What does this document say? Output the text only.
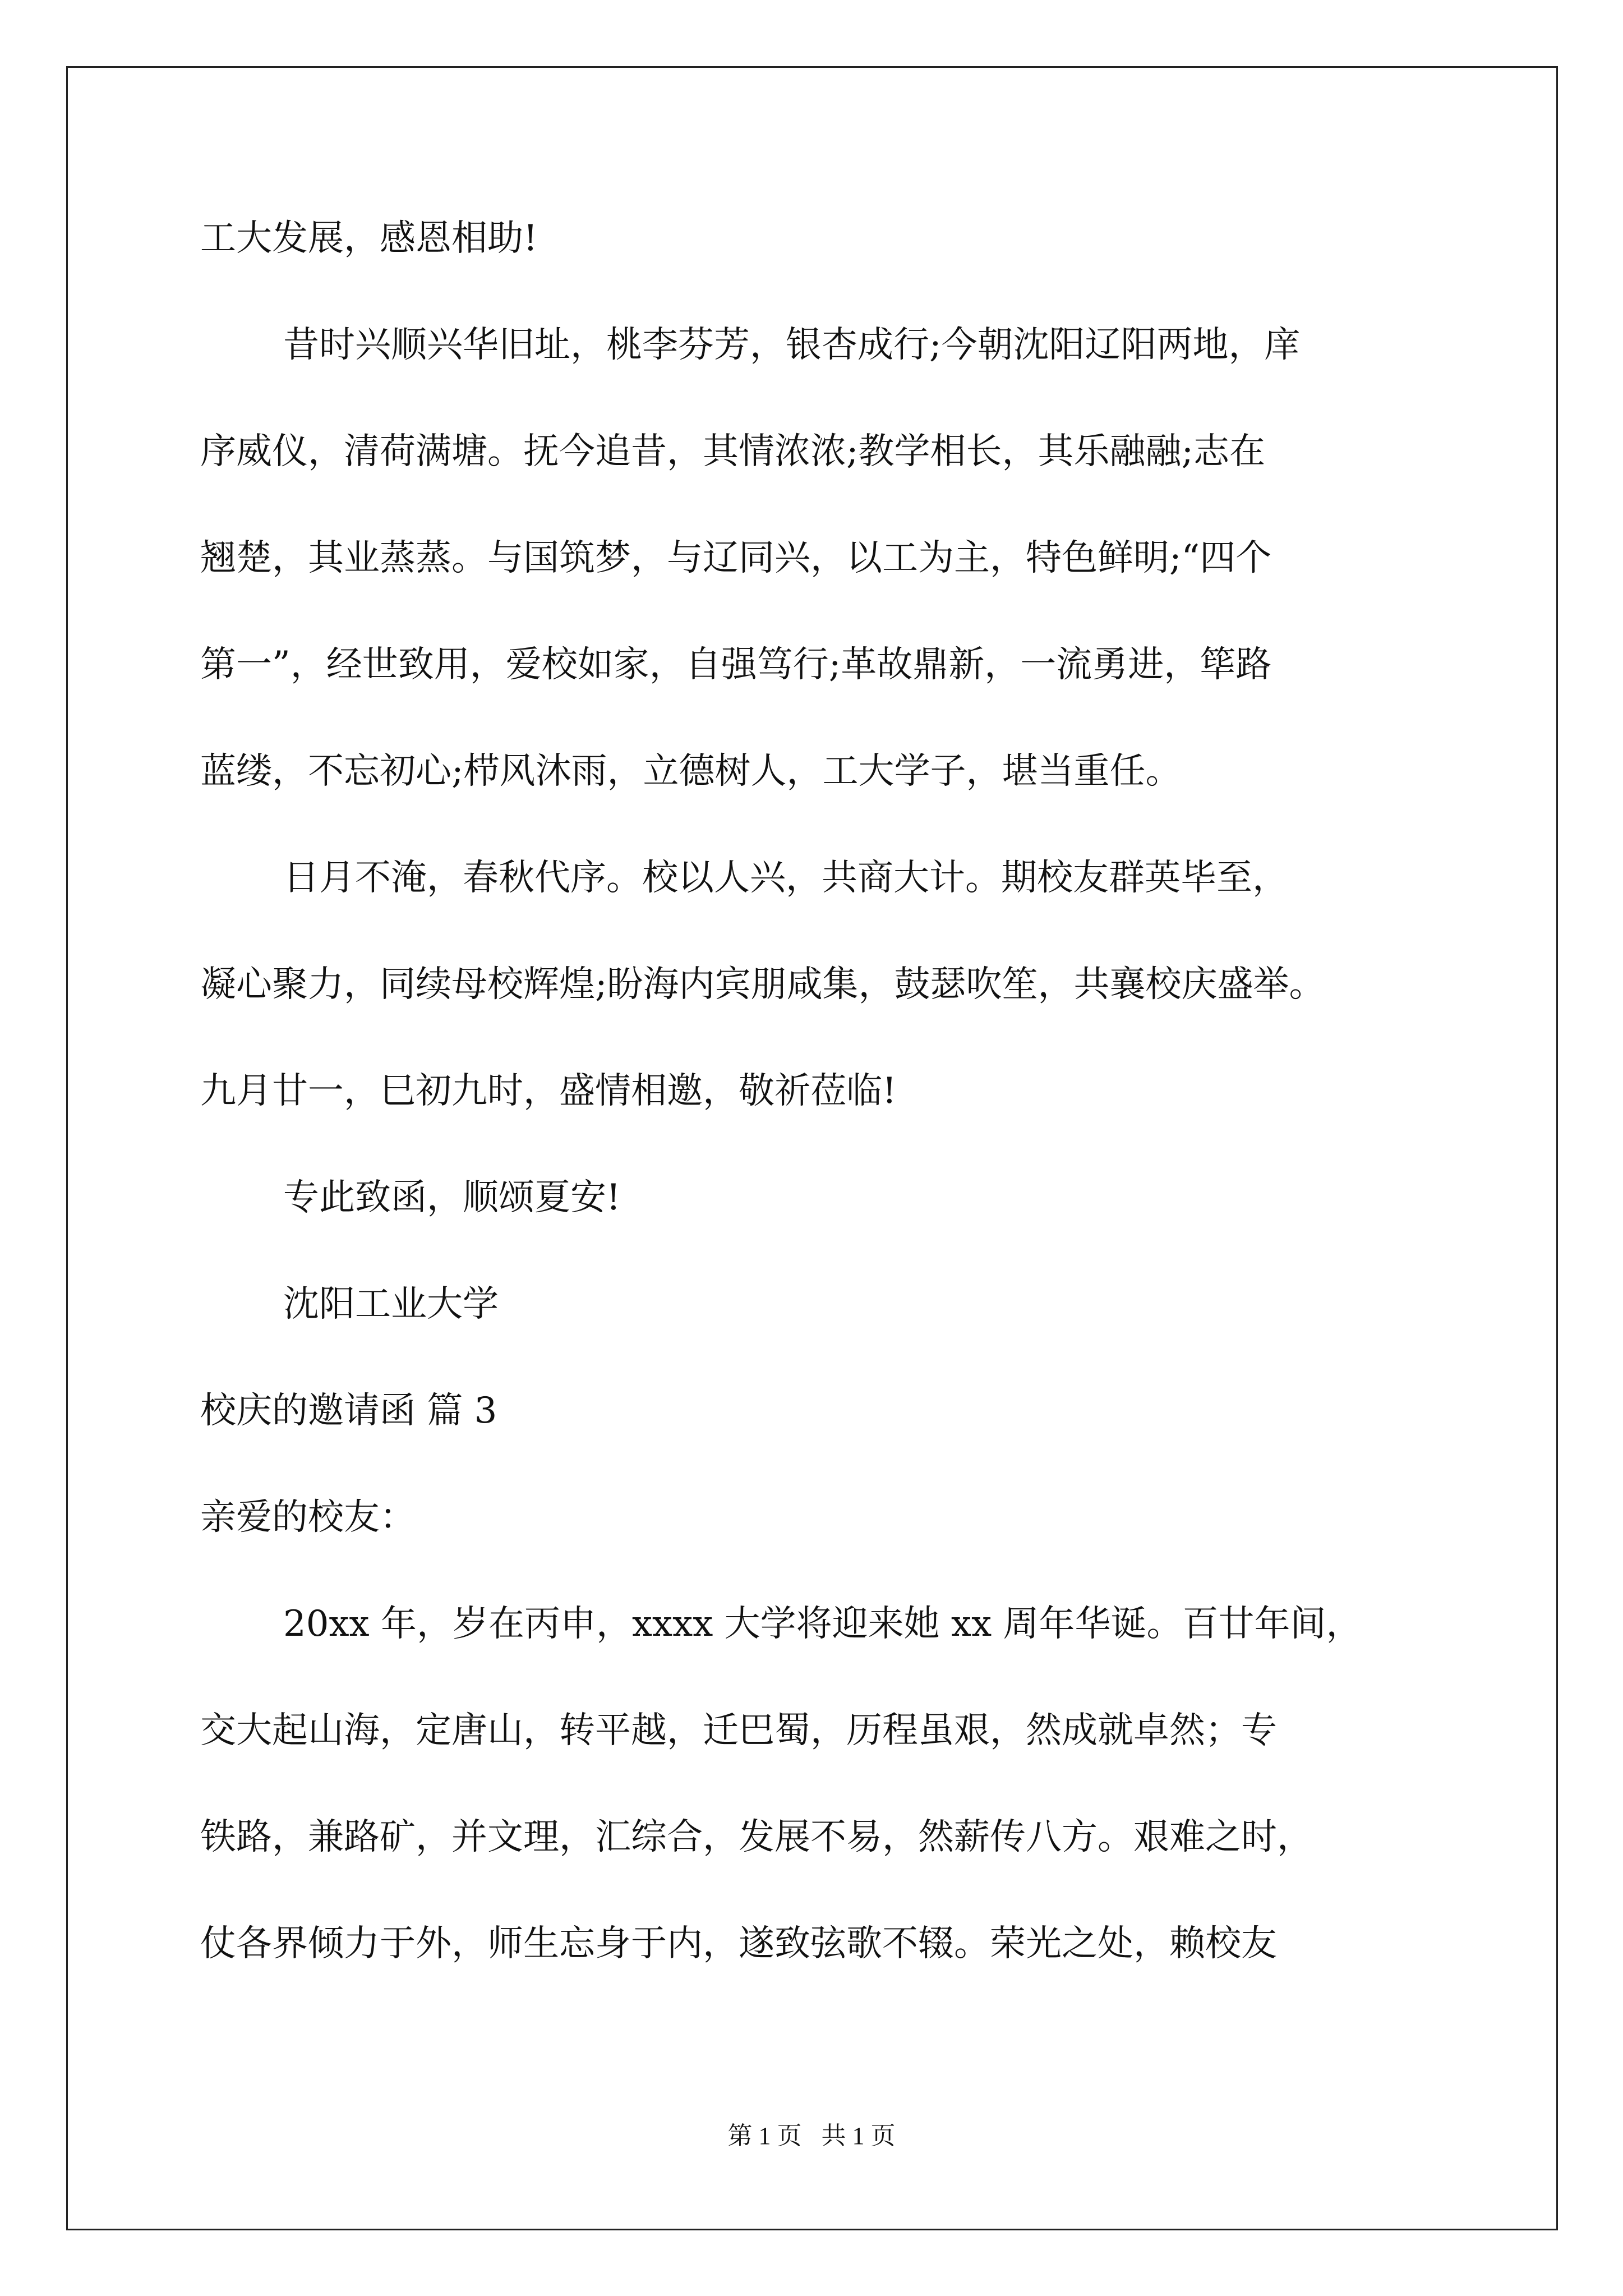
工大发展，感恩相助!
昔时兴顺兴华旧址，桃李芬芳，银杏成行;今朝沈阳辽阳两地，庠
序威仪，清荷满塘。抚今追昔，其情浓浓;教学相长，其乐融融;志在
翘楚，其业蒸蒸。与国筑梦，与辽同兴，以工为主，特色鲜明;“四个
第一”，经世致用，爱校如家，自强笃行;革故鼎新，一流勇进，筚路
蓝缕，不忘初心;栉风沐雨，立德树人，工大学子，堪当重任。
日月不淹，春秋代序。校以人兴，共商大计。期校友群英毕至，
凝心聚力，同续母校辉煌;盼海内宾朋咸集，鼓瑟吹笙，共襄校庆盛举。
九月廿一，巳初九时，盛情相邀，敬祈莅临!
专此致函，顺颂夏安!
沈阳工业大学
校庆的邀请函 篇 3
亲爱的校友：
20xx 年，岁在丙申，xxxx 大学将迎来她 xx 周年华诞。百廿年间，
交大起山海，定唐山，转平越，迁巴蜀，历程虽艰，然成就卓然；专
铁路，兼路矿，并文理，汇综合，发展不易，然薪传八方。艰难之时，
仗各界倾力于外，师生忘身于内，遂致弦歌不辍。荣光之处，赖校友
第 1 页 共 1 页
